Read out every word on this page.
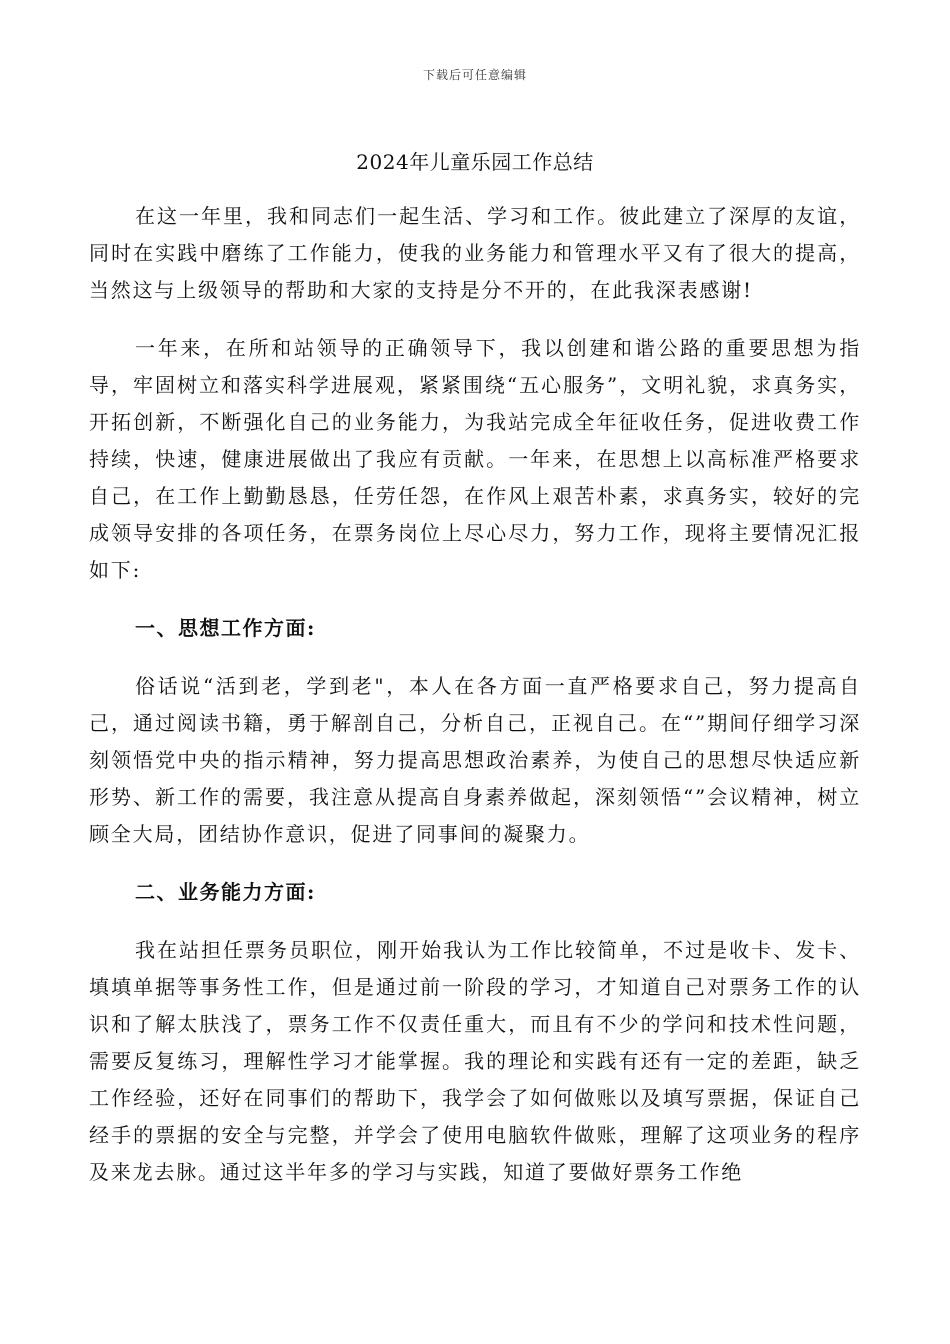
下载后可任意编辑
2024年儿童乐园工作总结

在这一年里，我和同志们一起生活、学习和工作。彼此建立了深厚的友谊，同时在实践中磨练了工作能力，使我的业务能力和管理水平又有了很大的提高，当然这与上级领导的帮助和大家的支持是分不开的，在此我深表感谢!

一年来，在所和站领导的正确领导下，我以创建和谐公路的重要思想为指导，牢固树立和落实科学进展观，紧紧围绕“五心服务”，文明礼貌，求真务实，开拓创新，不断强化自己的业务能力，为我站完成全年征收任务，促进收费工作持续，快速，健康进展做出了我应有贡献。一年来，在思想上以高标准严格要求自己，在工作上勤勤恳恳，任劳任怨，在作风上艰苦朴素，求真务实，较好的完成领导安排的各项任务，在票务岗位上尽心尽力，努力工作，现将主要情况汇报如下:

一、思想工作方面:

俗话说“活到老，学到老"，本人在各方面一直严格要求自己，努力提高自己，通过阅读书籍，勇于解剖自己，分析自己，正视自己。在“”期间仔细学习深刻领悟党中央的指示精神，努力提高思想政治素养，为使自己的思想尽快适应新形势、新工作的需要，我注意从提高自身素养做起，深刻领悟“”会议精神，树立顾全大局，团结协作意识，促进了同事间的凝聚力。

二、业务能力方面:

我在站担任票务员职位，刚开始我认为工作比较简单，不过是收卡、发卡、填填单据等事务性工作，但是通过前一阶段的学习，才知道自己对票务工作的认识和了解太肤浅了，票务工作不仅责任重大，而且有不少的学问和技术性问题，需要反复练习，理解性学习才能掌握。我的理论和实践有还有一定的差距，缺乏工作经验，还好在同事们的帮助下，我学会了如何做账以及填写票据，保证自己经手的票据的安全与完整，并学会了使用电脑软件做账，理解了这项业务的程序及来龙去脉。通过这半年多的学习与实践，知道了要做好票务工作绝
